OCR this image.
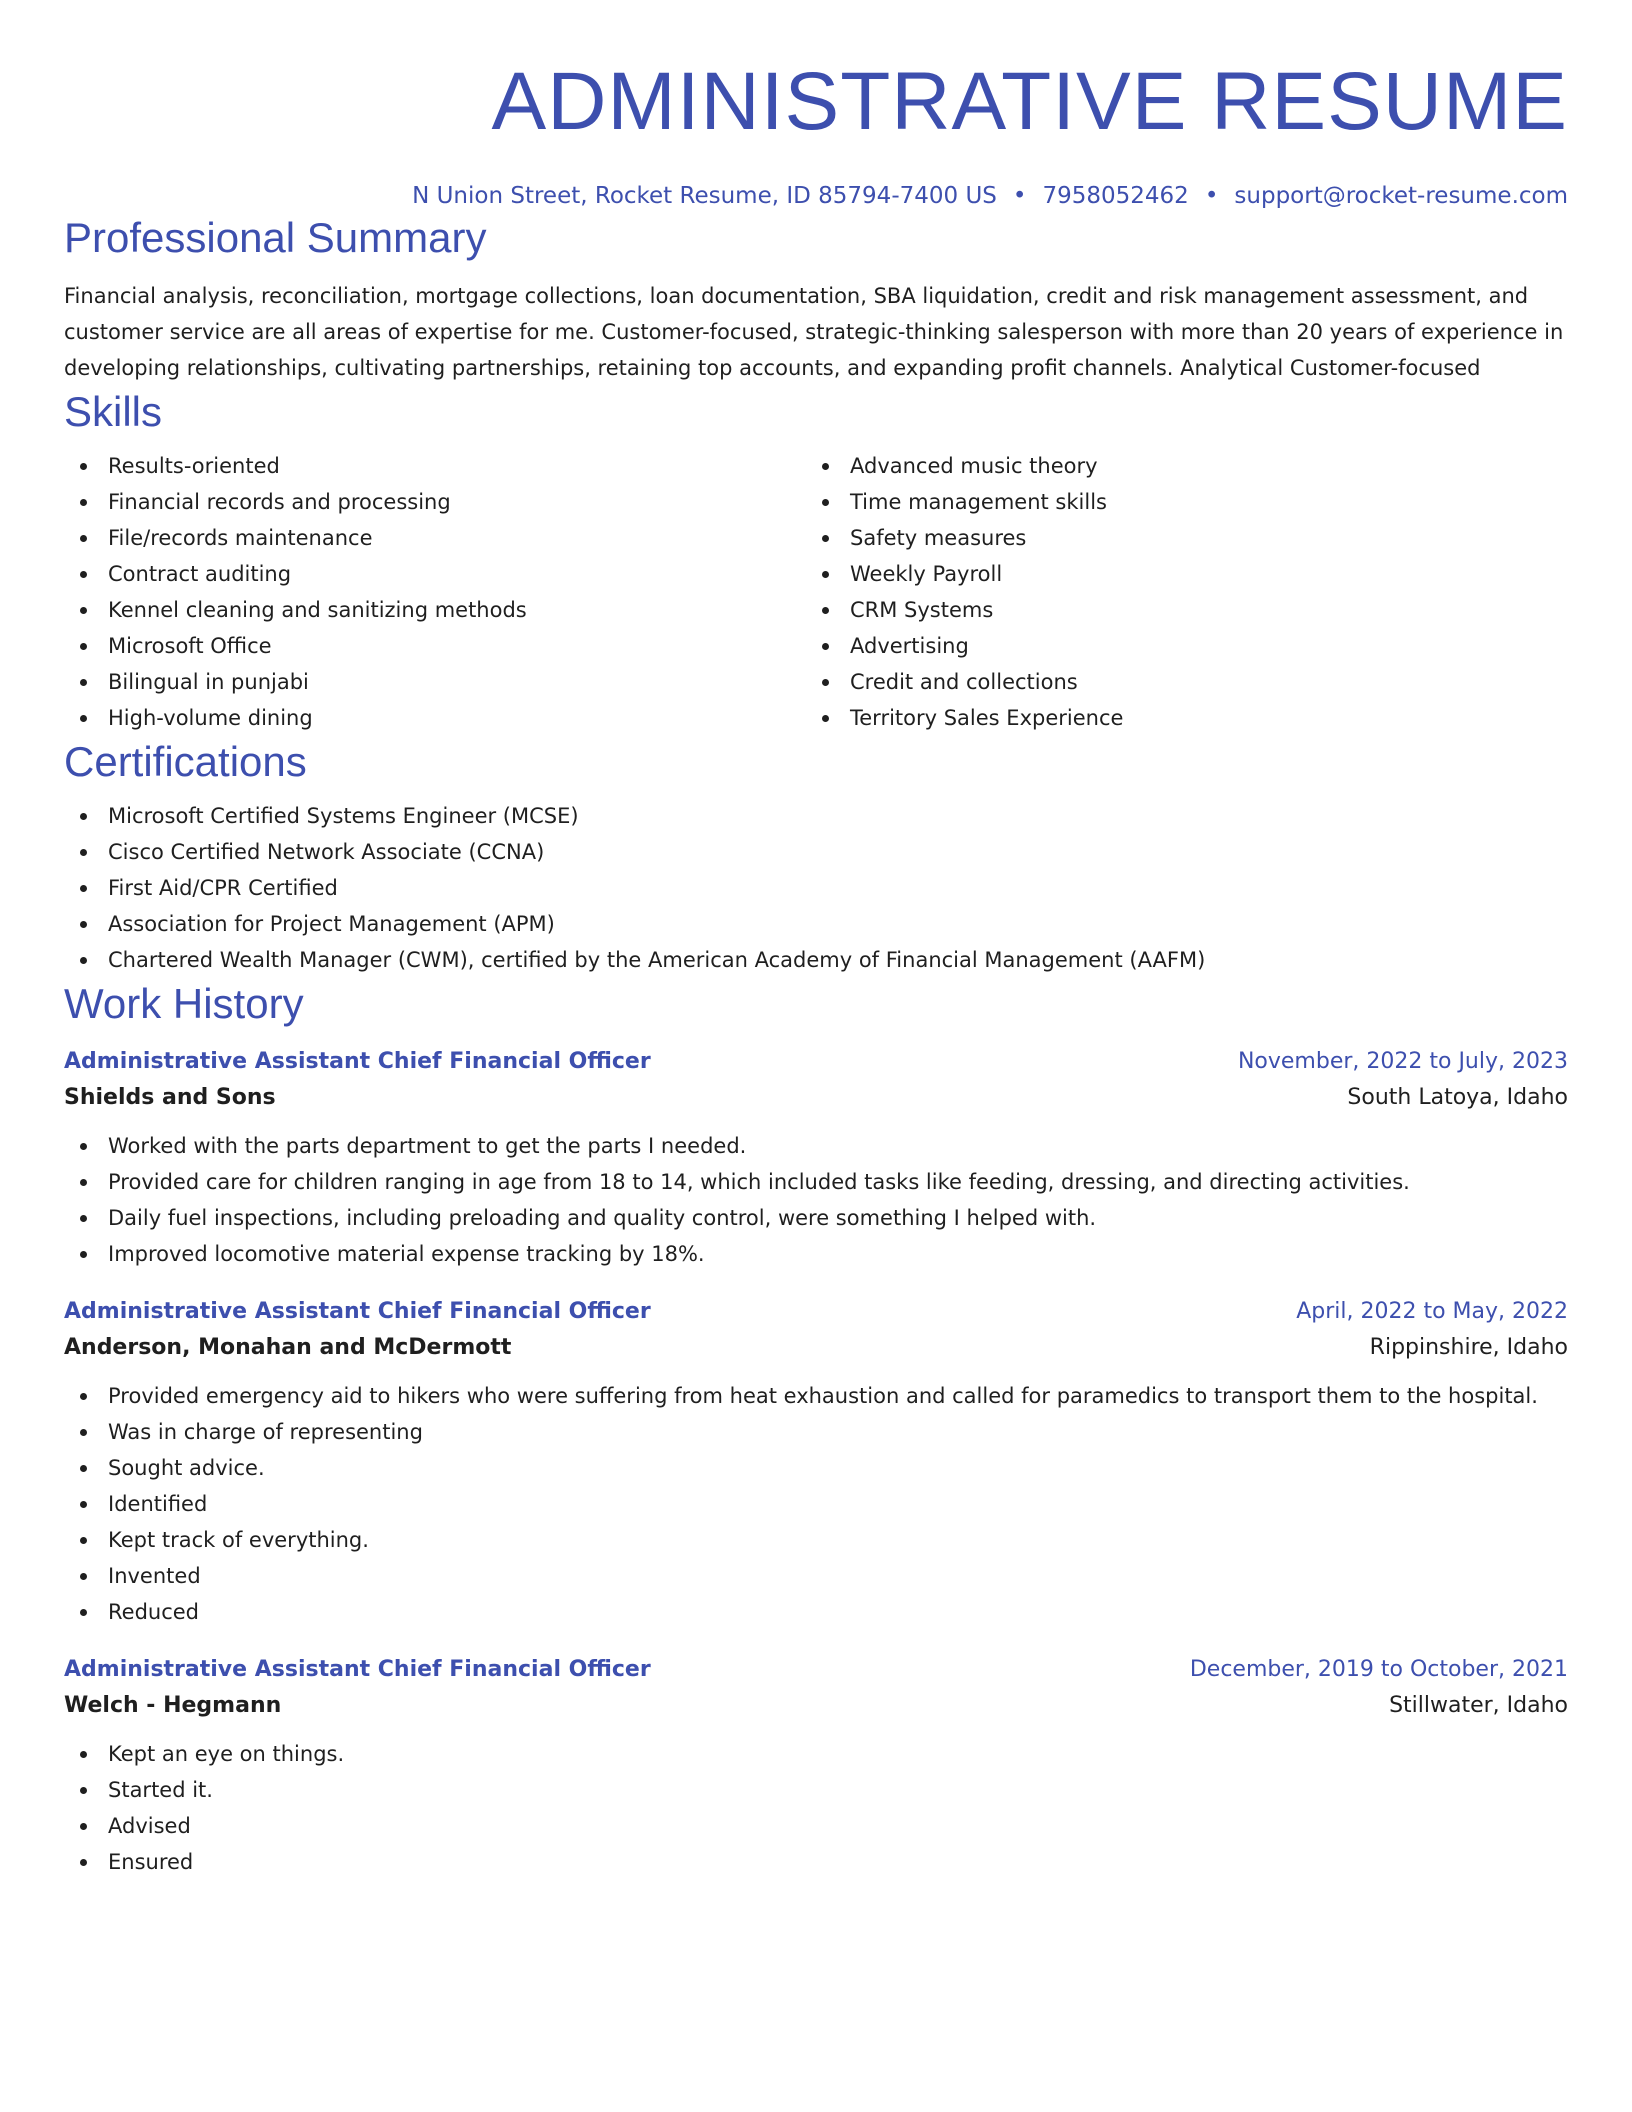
ADMINISTRATIVE RESUME
N Union Street, Rocket Resume, ID 85794-7400 US • 7958052462 • support@rocket-resume.com
Professional Summary
Financial analysis, reconciliation, mortgage collections, loan documentation, SBA liquidation, credit and risk management assessment, and customer service are all areas of expertise for me. Customer-focused, strategic-thinking salesperson with more than 20 years of experience in developing relationships, cultivating partnerships, retaining top accounts, and expanding profit channels. Analytical Customer-focused
Skills
Results-oriented
Financial records and processing
File/records maintenance
Contract auditing
Kennel cleaning and sanitizing methods
Microsoft Office
Bilingual in punjabi
High-volume dining
Advanced music theory
Time management skills
Safety measures
Weekly Payroll
CRM Systems
Advertising
Credit and collections
Territory Sales Experience
Certifications
Microsoft Certified Systems Engineer (MCSE)
Cisco Certified Network Associate (CCNA)
First Aid/CPR Certified
Association for Project Management (APM)
Chartered Wealth Manager (CWM), certified by the American Academy of Financial Management (AAFM)
Work History
Administrative Assistant Chief Financial Officer	November, 2022 to July, 2023
Shields and Sons	South Latoya, Idaho
Worked with the parts department to get the parts I needed.
Provided care for children ranging in age from 18 to 14, which included tasks like feeding, dressing, and directing activities.
Daily fuel inspections, including preloading and quality control, were something I helped with.
Improved locomotive material expense tracking by 18%.
Administrative Assistant Chief Financial Officer	April, 2022 to May, 2022
Anderson, Monahan and McDermott	Rippinshire, Idaho
Provided emergency aid to hikers who were suffering from heat exhaustion and called for paramedics to transport them to the hospital.
Was in charge of representing
Sought advice.
Identified
Kept track of everything.
Invented
Reduced
Administrative Assistant Chief Financial Officer	December, 2019 to October, 2021
Welch - Hegmann	Stillwater, Idaho
Kept an eye on things.
Started it.
Advised
Ensured
